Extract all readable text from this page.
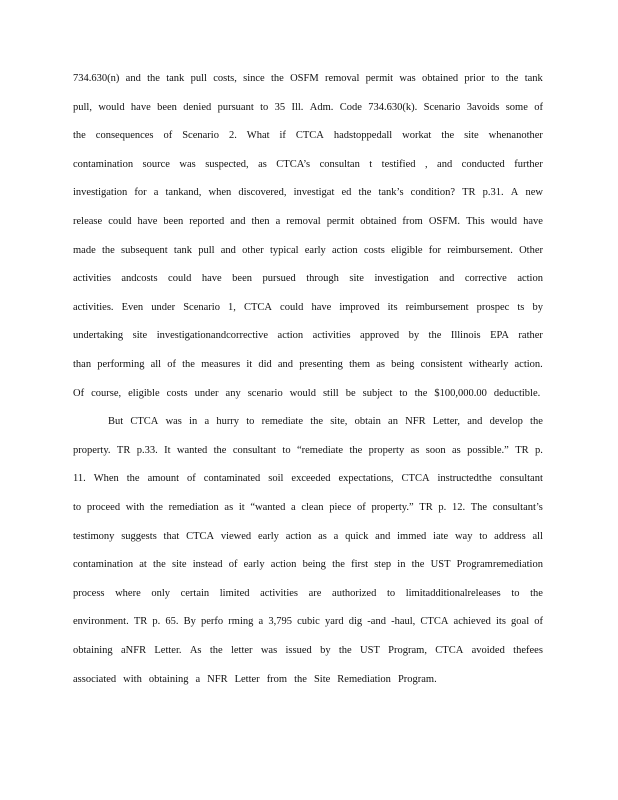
734.630(n) and the tank pull costs, since the OSFM removal permit was obtained prior to the tank
pull, would have been denied pursuant to 35 Ill. Adm. Code 734.630(k). Scenario 3avoids some of
the consequences of Scenario 2. What if CTCA hadstoppedall workat the site whenanother
contamination source was suspected, as CTCA’s consultan t testified , and conducted further
investigation for a tankand, when discovered, investigat ed the tank’s condition? TR p.31. A new
release could have been reported and then a removal permit obtained from OSFM. This would have
made the subsequent tank pull and other typical early action costs eligible for reimbursement. Other
activities andcosts could have been pursued through site investigation and corrective action
activities. Even under Scenario 1, CTCA could have improved its reimbursement prospec ts by
undertaking site investigationandcorrective action activities approved by the Illinois EPA rather
than performing all of the measures it did and presenting them as being consistent withearly action.
Of course, eligible costs under any scenario would still be subject to the $100,000.00 deductible.
But CTCA was in a hurry to remediate the site, obtain an NFR Letter, and develop the
property. TR p.33. It wanted the consultant to “remediate the property as soon as possible.” TR p.
11. When the amount of contaminated soil exceeded expectations, CTCA instructedthe consultant
to proceed with the remediation as it “wanted a clean piece of property.” TR p. 12. The consultant’s
testimony suggests that CTCA viewed early action as a quick and immed iate way to address all
contamination at the site instead of early action being the first step in the UST Programremediation
process where only certain limited activities are authorized to limitadditionalreleases to the
environment. TR p. 65. By perfo rming a 3,795 cubic yard dig -and -haul, CTCA achieved its goal of
obtaining aNFR Letter. As the letter was issued by the UST Program, CTCA avoided thefees
associated with obtaining a NFR Letter from the Site Remediation Program.
